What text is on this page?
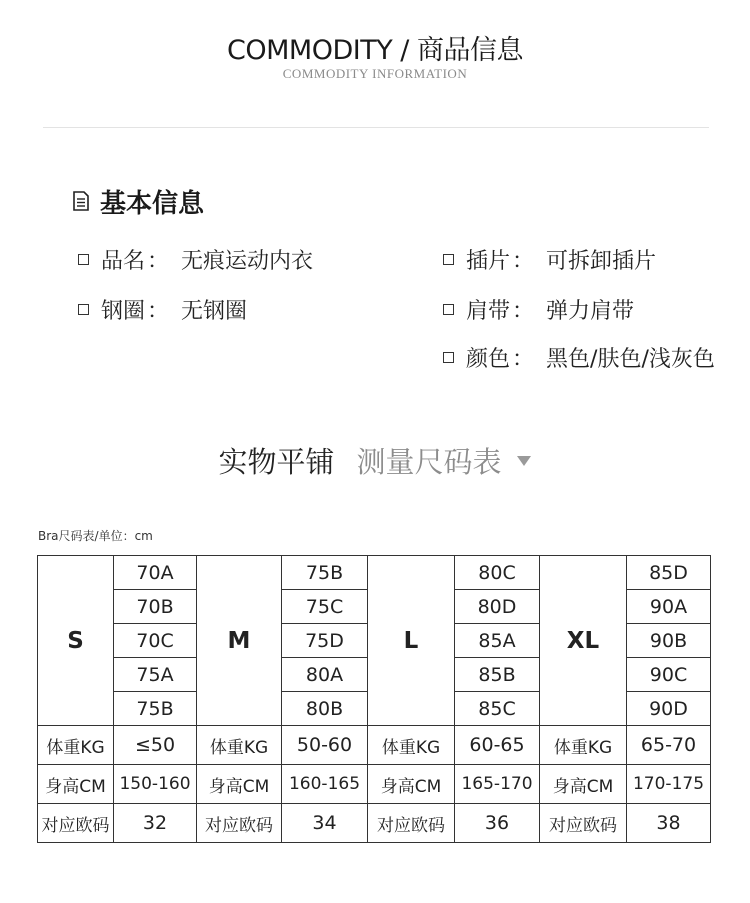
COMMODITY / 商品信息
COMMODITY INFORMATION
基本信息
品名 ： 无痕运动内衣	插片 ： 可拆卸插片
钢圈 ： 无钢圈	肩带 ： 弹力肩带
颜色 ： 黑色/肤色/浅灰色
实物平铺 测量尺码表
Bra尺码表/单位：cm
S	70A	M	75B	L	80C	XL	85D
	70B		75C		80D		90A
	70C		75D		85A		90B
	75A		80A		85B		90C
	75B		80B		85C		90D
体重KG	≤50	体重KG	50-60	体重KG	60-65	体重KG	65-70
身高CM	150-160	身高CM	160-165	身高CM	165-170	身高CM	170-175
对应欧码	32	对应欧码	34	对应欧码	36	对应欧码	38
